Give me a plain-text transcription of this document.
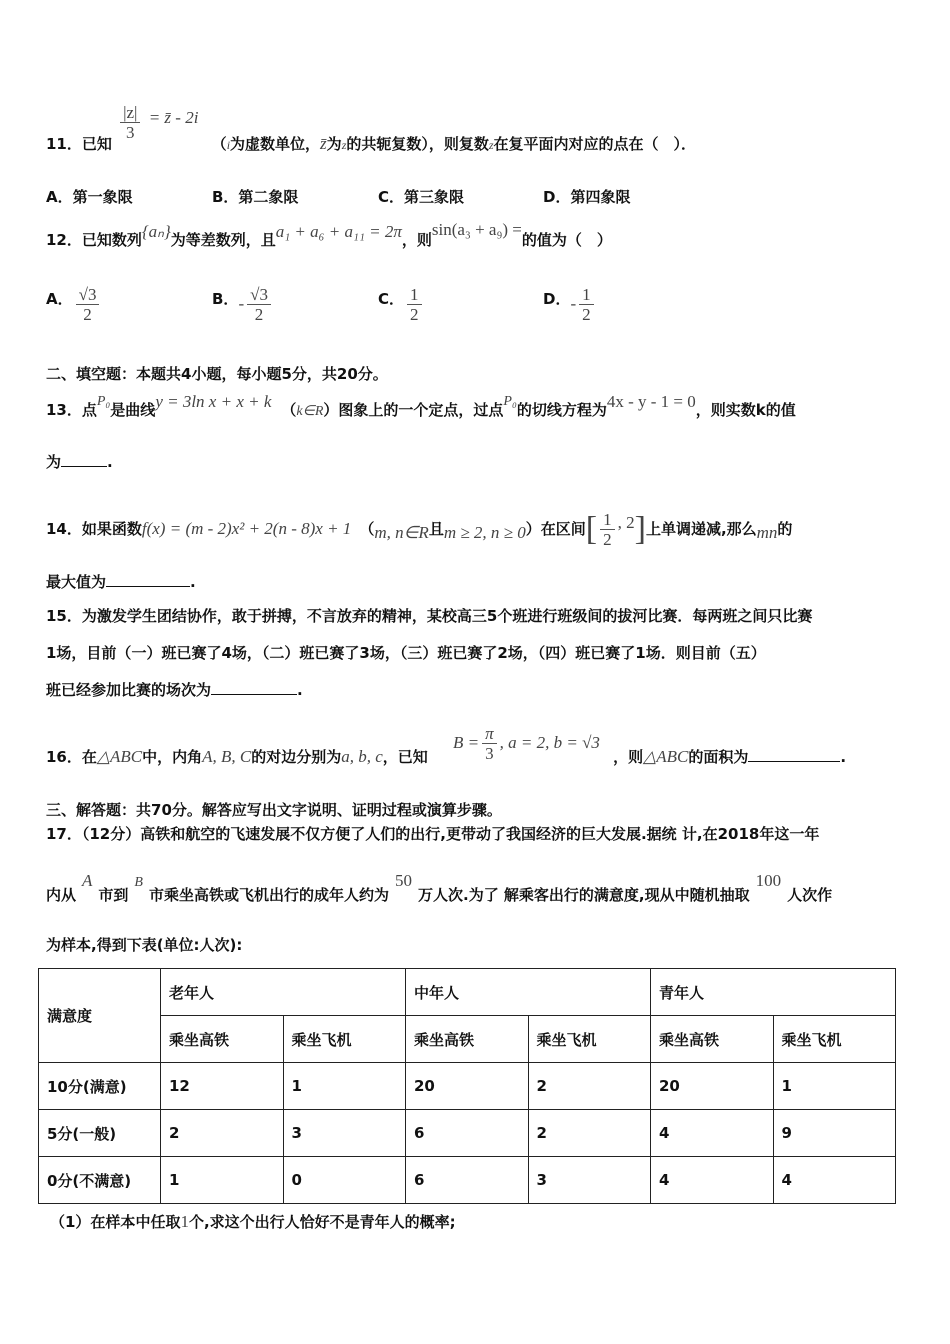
11．已知
$\frac{|z|}{3}$ = z̄ - 2i （i为虚数单位，z̄为z的共轭复数），则复数z在复平面内对应的点在（　）．
A．第一象限	B．第二象限	C．第三象限	D．第四象限
12．已知数列{aₙ}为等差数列，且a₁ + a₆ + a₁₁ = 2π，则sin(a₃ + a₉) =的值为（　）
A． $\frac{√3}{2}$	B．- $\frac{√3}{2}$	C． $\frac{1}{2}$	D．- $\frac{1}{2}$
二、填空题：本题共4小题，每小题5分，共20分。
13．点P₀是曲线y = 3ln x + x + k （k∈R）图象上的一个定点，过点P₀的切线方程为4x - y - 1 = 0，则实数k的值
为	.
14．如果函数f(x) = (m - 2)x² + 2(n - 8)x + 1 （m, n∈R且m ≥ 2, n ≥ 0）在区间[ $\frac{1}{2}$ , 2]上单调递减,那么mn的
最大值为	.
15．为激发学生团结协作，敢于拼搏，不言放弃的精神，某校高三5个班进行班级间的拔河比赛．每两班之间只比赛
1场，目前（一）班已赛了4场，（二）班已赛了3场，（三）班已赛了2场，（四）班已赛了1场．则目前（五）
班已经参加比赛的场次为	.
16．在△ABC中，内角A, B, C的对边分别为a, b, c，已知 $B = \frac{\pi}{3}$ , a = 2, b = √3 ，则△ABC的面积为	.
三、解答题：共70分。解答应写出文字说明、证明过程或演算步骤。
17．（12分）高铁和航空的飞速发展不仅方便了人们的出行,更带动了我国经济的巨大发展.据统 计,在2018年这一年
内从A市到B市乘坐高铁或飞机出行的成年人约为50万人次.为了 解乘客出行的满意度,现从中随机抽取100人次作
为样本,得到下表(单位:人次):
满意度	老年人		中年人		青年人	
	乘坐高铁	乘坐飞机	乘坐高铁	乘坐飞机	乘坐高铁	乘坐飞机
10分(满意)	12	1	20	2	20	1
5分(一般)	2	3	6	2	4	9
0分(不满意)	1	0	6	3	4	4
（1）在样本中任取1个,求这个出行人恰好不是青年人的概率;
